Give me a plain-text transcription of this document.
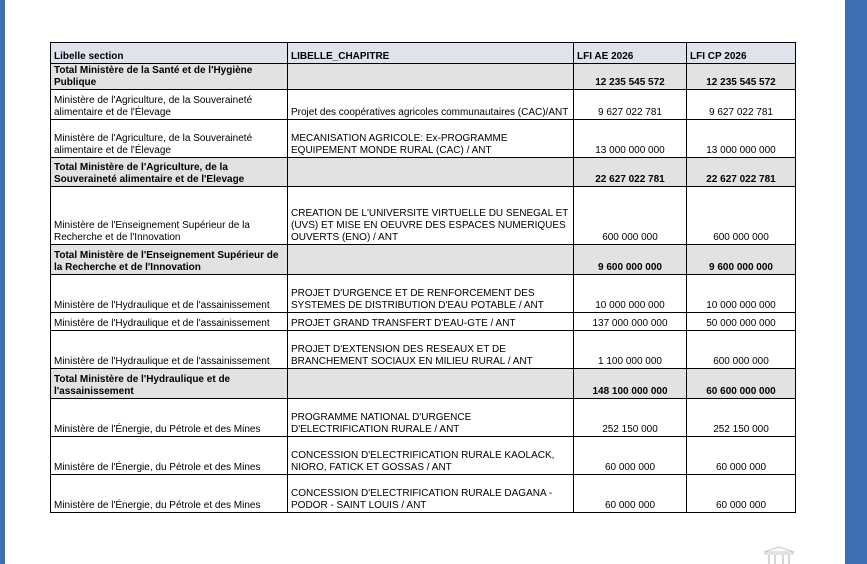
Libelle section	LIBELLE_CHAPITRE	LFI AE 2026	LFI CP 2026
Total Ministère de la Santé et de l'Hygiène Publique		12 235 545 572	12 235 545 572
Ministère de l'Agriculture, de la Souveraineté alimentaire et de l'Élevage	Projet des coopératives agricoles communautaires (CAC)/ANT	9 627 022 781	9 627 022 781
Ministère de l'Agriculture, de la Souveraineté alimentaire et de l'Élevage	MECANISATION AGRICOLE: Ex-PROGRAMME EQUIPEMENT MONDE RURAL (CAC) / ANT	13 000 000 000	13 000 000 000
Total Ministère de l'Agriculture, de la Souveraineté alimentaire et de l'Elevage		22 627 022 781	22 627 022 781
Ministère de l'Enseignement Supérieur de la Recherche et de l'Innovation	CREATION DE L'UNIVERSITE VIRTUELLE DU SENEGAL ET (UVS) ET MISE EN OEUVRE DES ESPACES NUMERIQUES OUVERTS (ENO) / ANT	600 000 000	600 000 000
Total Ministère de l'Enseignement Supérieur de la Recherche et de l'Innovation		9 600 000 000	9 600 000 000
Ministère de l'Hydraulique et de l'assainissement	PROJET D'URGENCE ET DE RENFORCEMENT DES SYSTEMES DE DISTRIBUTION D'EAU POTABLE / ANT	10 000 000 000	10 000 000 000
Ministère de l'Hydraulique et de l'assainissement	PROJET GRAND TRANSFERT D'EAU-GTE / ANT	137 000 000 000	50 000 000 000
Ministère de l'Hydraulique et de l'assainissement	PROJET D'EXTENSION DES RESEAUX ET DE BRANCHEMENT SOCIAUX EN MILIEU RURAL / ANT	1 100 000 000	600 000 000
Total Ministère de l'Hydraulique et de l'assainissement		148 100 000 000	60 600 000 000
Ministère de l'Énergie, du Pétrole et des Mines	PROGRAMME NATIONAL D'URGENCE D'ELECTRIFICATION RURALE / ANT	252 150 000	252 150 000
Ministère de l'Énergie, du Pétrole et des Mines	CONCESSION D'ELECTRIFICATION RURALE KAOLACK, NIORO, FATICK ET GOSSAS / ANT	60 000 000	60 000 000
Ministère de l'Énergie, du Pétrole et des Mines	CONCESSION D'ELECTRIFICATION RURALE DAGANA - PODOR - SAINT LOUIS / ANT	60 000 000	60 000 000
